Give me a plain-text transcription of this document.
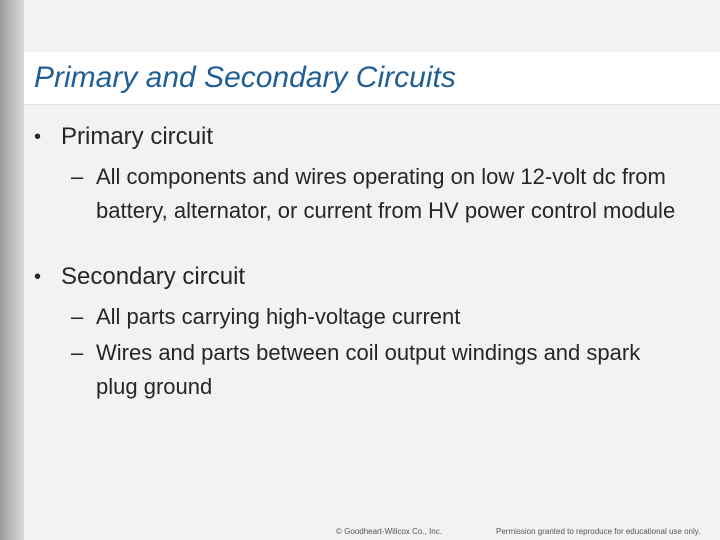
Primary and Secondary Circuits
• Primary circuit
– All components and wires operating on low 12-volt dc from battery, alternator, or current from HV power control module
• Secondary circuit
– All parts carrying high-voltage current
– Wires and parts between coil output windings and spark plug ground
© Goodheart-Willcox Co., Inc.	Permission granted to reproduce for educational use only.
